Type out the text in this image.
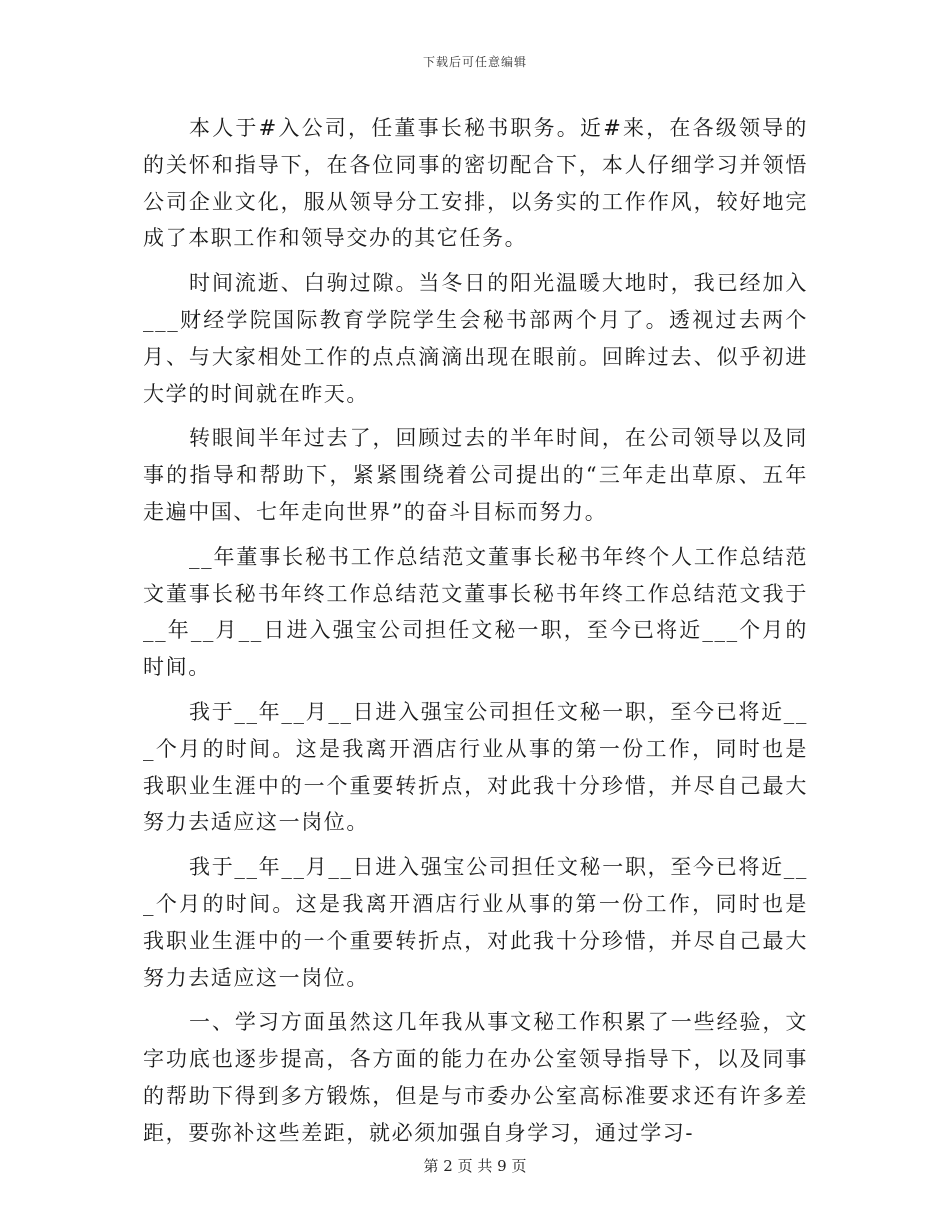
下载后可任意编辑

本人于#入公司，任董事长秘书职务。近#来，在各级领导的的关怀和指导下，在各位同事的密切配合下，本人仔细学习并领悟公司企业文化，服从领导分工安排，以务实的工作作风，较好地完成了本职工作和领导交办的其它任务。

时间流逝、白驹过隙。当冬日的阳光温暖大地时，我已经加入___财经学院国际教育学院学生会秘书部两个月了。透视过去两个月、与大家相处工作的点点滴滴出现在眼前。回眸过去、似乎初进大学的时间就在昨天。

转眼间半年过去了，回顾过去的半年时间，在公司领导以及同事的指导和帮助下，紧紧围绕着公司提出的“三年走出草原、五年走遍中国、七年走向世界”的奋斗目标而努力。

__年董事长秘书工作总结范文董事长秘书年终个人工作总结范文董事长秘书年终工作总结范文董事长秘书年终工作总结范文我于__年__月__日进入强宝公司担任文秘一职，至今已将近___个月的时间。

我于__年__月__日进入强宝公司担任文秘一职，至今已将近___个月的时间。这是我离开酒店行业从事的第一份工作，同时也是我职业生涯中的一个重要转折点，对此我十分珍惜，并尽自己最大努力去适应这一岗位。

我于__年__月__日进入强宝公司担任文秘一职，至今已将近___个月的时间。这是我离开酒店行业从事的第一份工作，同时也是我职业生涯中的一个重要转折点，对此我十分珍惜，并尽自己最大努力去适应这一岗位。

一、学习方面虽然这几年我从事文秘工作积累了一些经验，文字功底也逐步提高，各方面的能力在办公室领导指导下，以及同事的帮助下得到多方锻炼，但是与市委办公室高标准要求还有许多差距，要弥补这些差距，就必须加强自身学习，通过学习-

第 2 页 共 9 页
